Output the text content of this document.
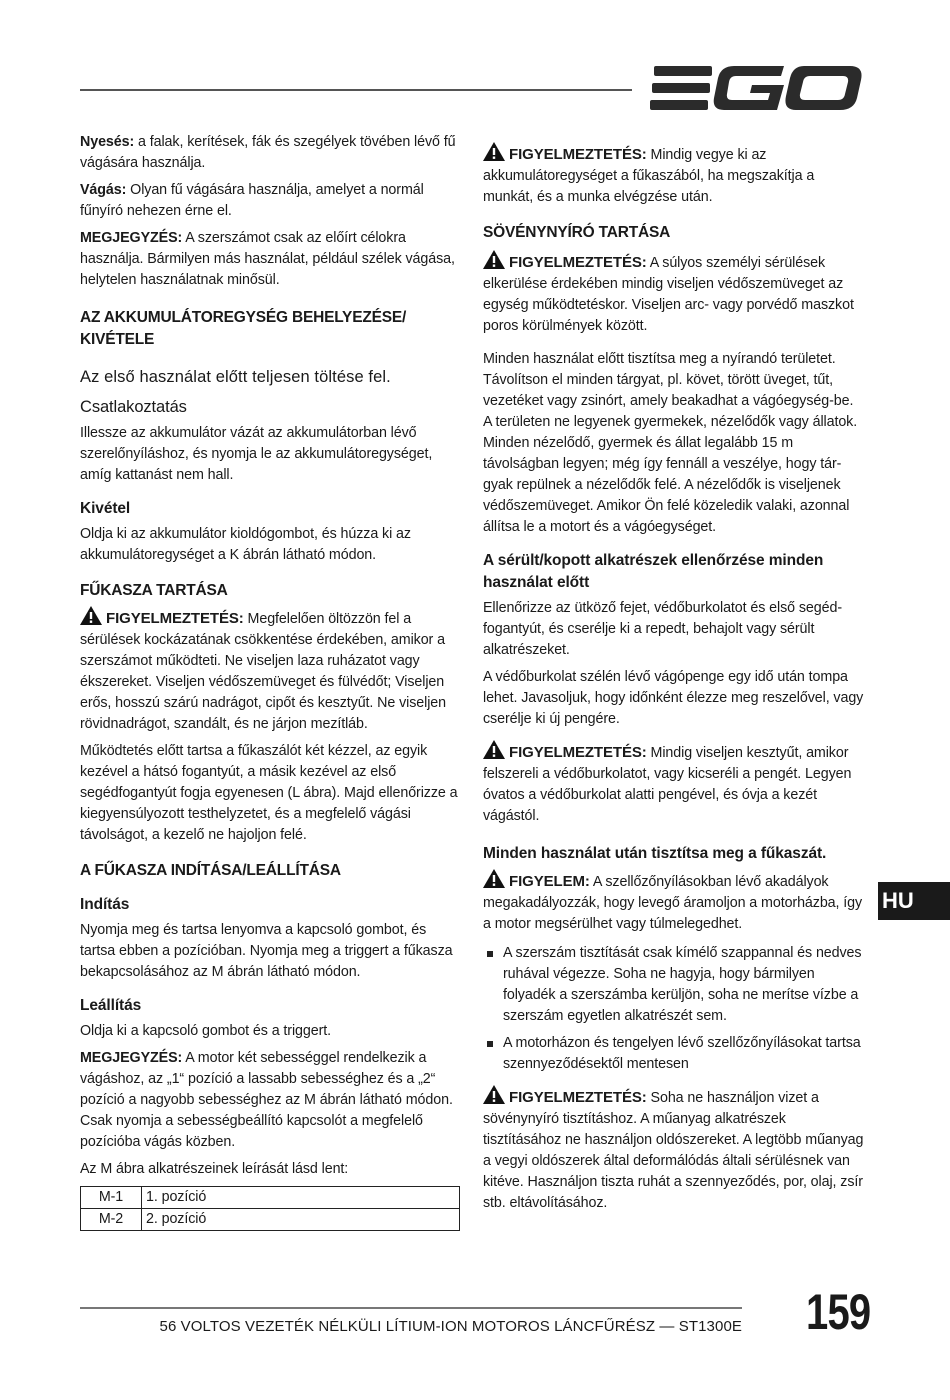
Nyesés: a falak, kerítések, fák és szegélyek tövében lévő fű vágására használja.

Vágás: Olyan fű vágására használja, amelyet a normál fűnyíró nehezen érne el.

MEGJEGYZÉS: A szerszámot csak az előírt célokra használja. Bármilyen más használat, például szélek vágása, helytelen használatnak minősül.

AZ AKKUMULÁTOREGYSÉG BEHELYEZÉSE/ KIVÉTELE
Az első használat előtt teljesen töltése fel.
Csatlakoztatás

Illessze az akkumulátor vázát az akkumulátorban lévő szerelőnyíláshoz, és nyomja le az akkumulátoregységet, amíg kattanást nem hall.

Kivétel

Oldja ki az akkumulátor kioldógombot, és húzza ki az akkumulátoregységet a K ábrán látható módon.

FŰKASZA TARTÁSA

FIGYELMEZTETÉS: Megfelelően öltözzön fel a sérülések kockázatának csökkentése érdekében, amikor a szerszámot működteti. Ne viseljen laza ruházatot vagy ékszereket. Viseljen védőszemüveget és fülvédőt; Viseljen erős, hosszú szárú nadrágot, cipőt és kesztyűt. Ne viseljen rövidnadrágot, szandált, és ne járjon mezítláb.

Működtetés előtt tartsa a fűkaszálót két kézzel, az egyik kezével a hátsó fogantyút, a másik kezével az első segédfogantyút fogja egyenesen (L ábra). Majd ellenőrizze a kiegyensúlyozott testhelyzetet, és a megfelelő vágási távolságot, a kezelő ne hajoljon felé.

A FŰKASZA INDÍTÁSA/LEÁLLÍTÁSA
Indítás

Nyomja meg és tartsa lenyomva a kapcsoló gombot, és tartsa ebben a pozícióban. Nyomja meg a triggert a fűkasza bekapcsolásához az M ábrán látható módon.

Leállítás

Oldja ki a kapcsoló gombot és a triggert.

MEGJEGYZÉS: A motor két sebességgel rendelkezik a vágáshoz, az „1“ pozíció a lassabb sebességhez és a „2“ pozíció a nagyobb sebességhez az M ábrán látható módon. Csak nyomja a sebességbeállító kapcsolót a megfelelő pozícióba vágás közben.

Az M ábra alkatrészeinek leírását lásd lent:

M-1	1. pozíció
M-2	2. pozíció

FIGYELMEZTETÉS: Mindig vegye ki az akkumulátoregységet a fűkaszából, ha megszakítja a munkát, és a munka elvégzése után.

SÖVÉNYNYÍRÓ TARTÁSA

FIGYELMEZTETÉS: A súlyos személyi sérülések elkerülése érdekében mindig viseljen védőszemüveget az egység működtetéskor. Viseljen arc- vagy porvédő maszkot poros körülmények között.

Minden használat előtt tisztítsa meg a nyírandó területet. Távolítson el minden tárgyat, pl. követ, törött üveget, tűt, vezetéket vagy zsinórt, amely beakadhat a vágóegység-be. A területen ne legyenek gyermekek, nézelődők vagy állatok. Minden nézelődő, gyermek és állat legalább 15 m távolságban legyen; még így fennáll a veszélye, hogy tár-gyak repülnek a nézelődők felé. A nézelődők is viseljenek védőszemüveget. Amikor Ön felé közeledik valaki, azonnal állítsa le a motort és a vágóegységet.

A sérült/kopott alkatrészek ellenőrzése minden használat előtt

Ellenőrizze az ütköző fejet, védőburkolatot és első segéd-fogantyút, és cserélje ki a repedt, behajolt vagy sérült alkatrészeket.

A védőburkolat szélén lévő vágópenge egy idő után tompa lehet. Javasoljuk, hogy időnként élezze meg reszelővel, vagy cserélje ki új pengére.

FIGYELMEZTETÉS: Mindig viseljen kesztyűt, amikor felszereli a védőburkolatot, vagy kicseréli a pengét. Legyen óvatos a védőburkolat alatti pengével, és óvja a kezét vágástól.

Minden használat után tisztítsa meg a fűkaszát.

FIGYELEM: A szellőzőnyílásokban lévő akadályok megakadályozzák, hogy levegő áramoljon a motorházba, így a motor megsérülhet vagy túlmelegedhet.

A szerszám tisztítását csak kímélő szappannal és nedves ruhával végezze. Soha ne hagyja, hogy bármilyen folyadék a szerszámba kerüljön, soha ne merítse vízbe a szerszám egyetlen alkatrészét sem.
A motorházon és tengelyen lévő szellőzőnyílásokat tartsa szennyeződésektől mentesen

FIGYELMEZTETÉS: Soha ne használjon vizet a sövénynyíró tisztításhoz. A műanyag alkatrészek tisztításához ne használjon oldószereket. A legtöbb műanyag a vegyi oldószerek által deformálódás általi sérülésnek van kitéve. Használjon tiszta ruhát a szennyeződés, por, olaj, zsír stb. eltávolításához.

HU
56 VOLTOS VEZETÉK NÉLKÜLI LÍTIUM-ION MOTOROS LÁNCFŰRÉSZ — ST1300E 159
